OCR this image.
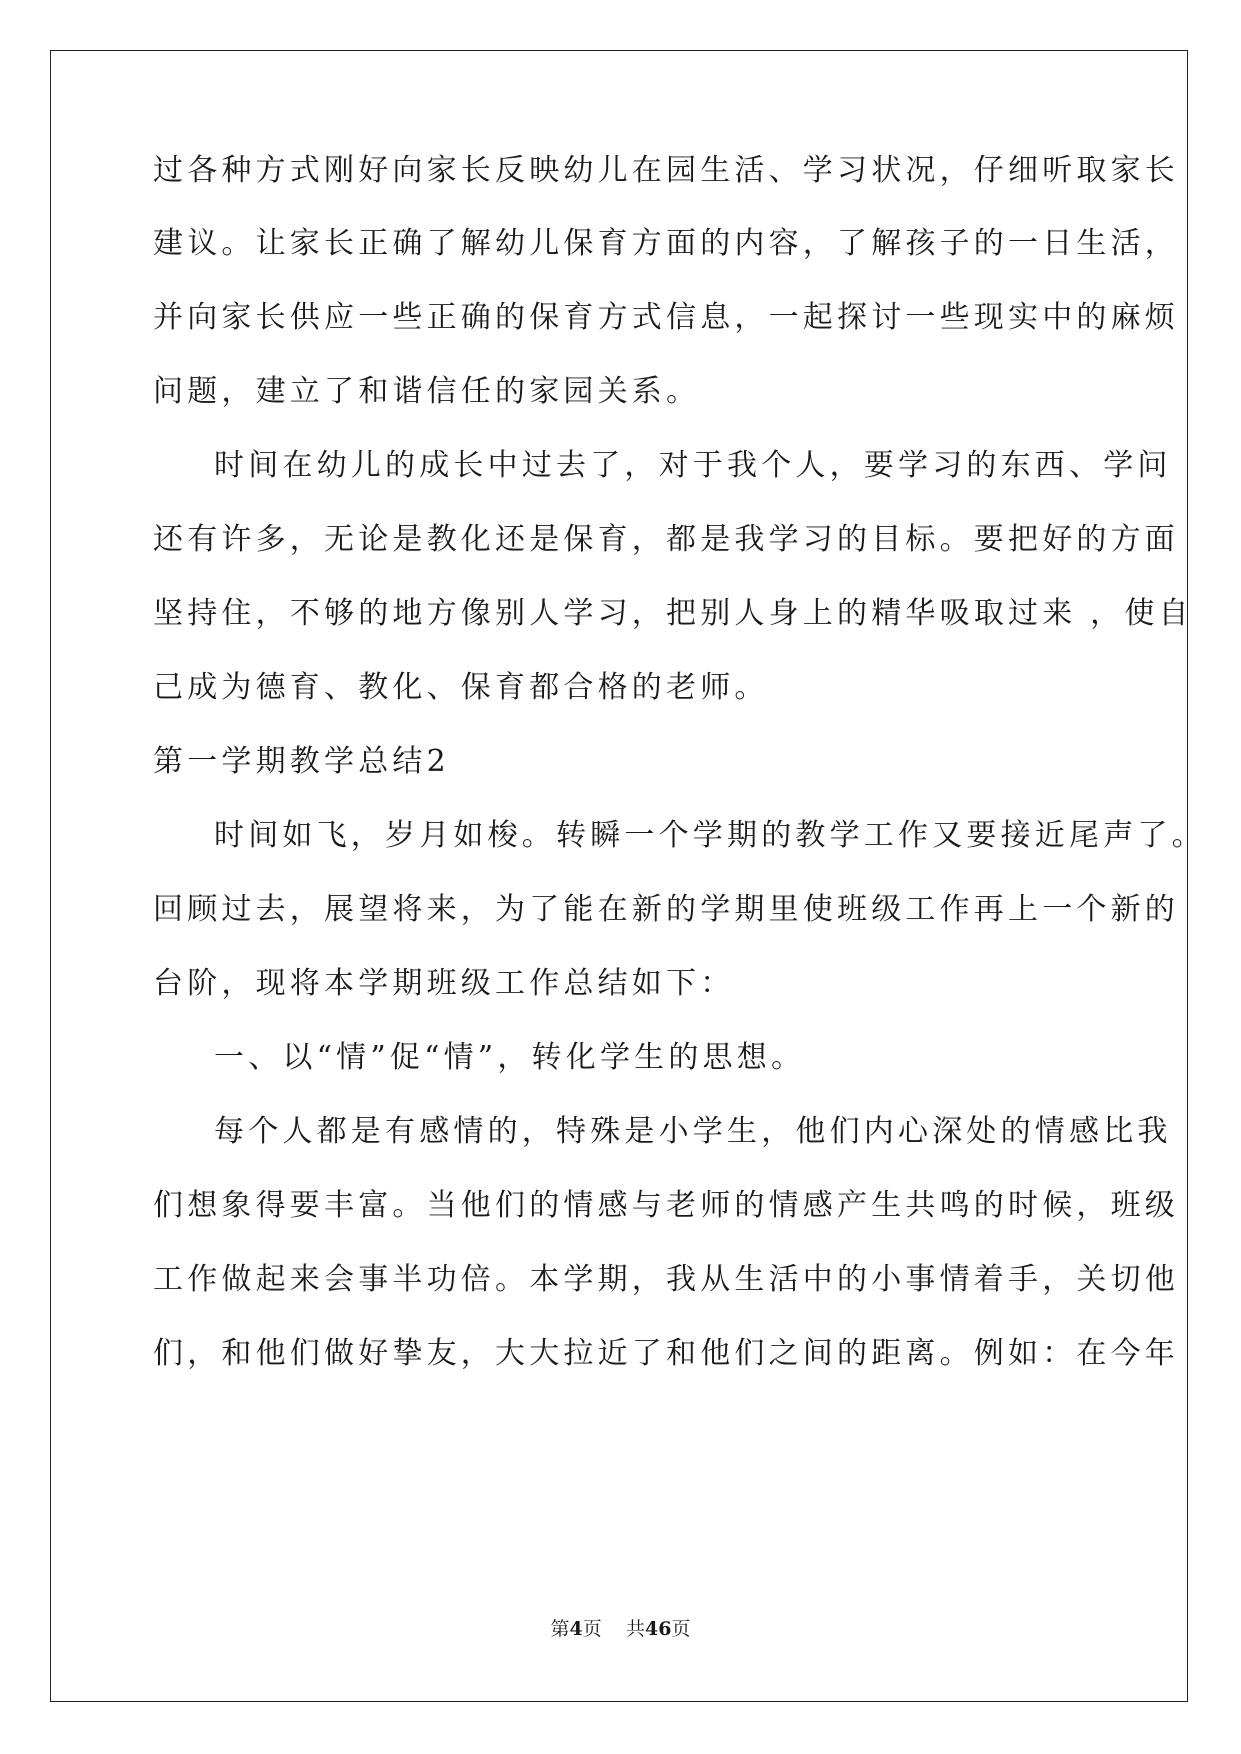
过各种方式刚好向家长反映幼儿在园生活、学习状况，仔细听取家长
建议。让家长正确了解幼儿保育方面的内容，了解孩子的一日生活，
并向家长供应一些正确的保育方式信息，一起探讨一些现实中的麻烦
问题，建立了和谐信任的家园关系。
时间在幼儿的成长中过去了，对于我个人，要学习的东西、学问
还有许多，无论是教化还是保育，都是我学习的目标。要把好的方面
坚持住，不够的地方像别人学习，把别人身上的精华吸取过来 ，使自
己成为德育、教化、保育都合格的老师。
第一学期教学总结2
时间如飞，岁月如梭。转瞬一个学期的教学工作又要接近尾声了。
回顾过去，展望将来，为了能在新的学期里使班级工作再上一个新的
台阶，现将本学期班级工作总结如下：
一、以“情”促“情”，转化学生的思想。
每个人都是有感情的，特殊是小学生，他们内心深处的情感比我
们想象得要丰富。当他们的情感与老师的情感产生共鸣的时候，班级
工作做起来会事半功倍。本学期，我从生活中的小事情着手，关切他
们，和他们做好挚友，大大拉近了和他们之间的距离。例如：在今年
第4页 共46页
